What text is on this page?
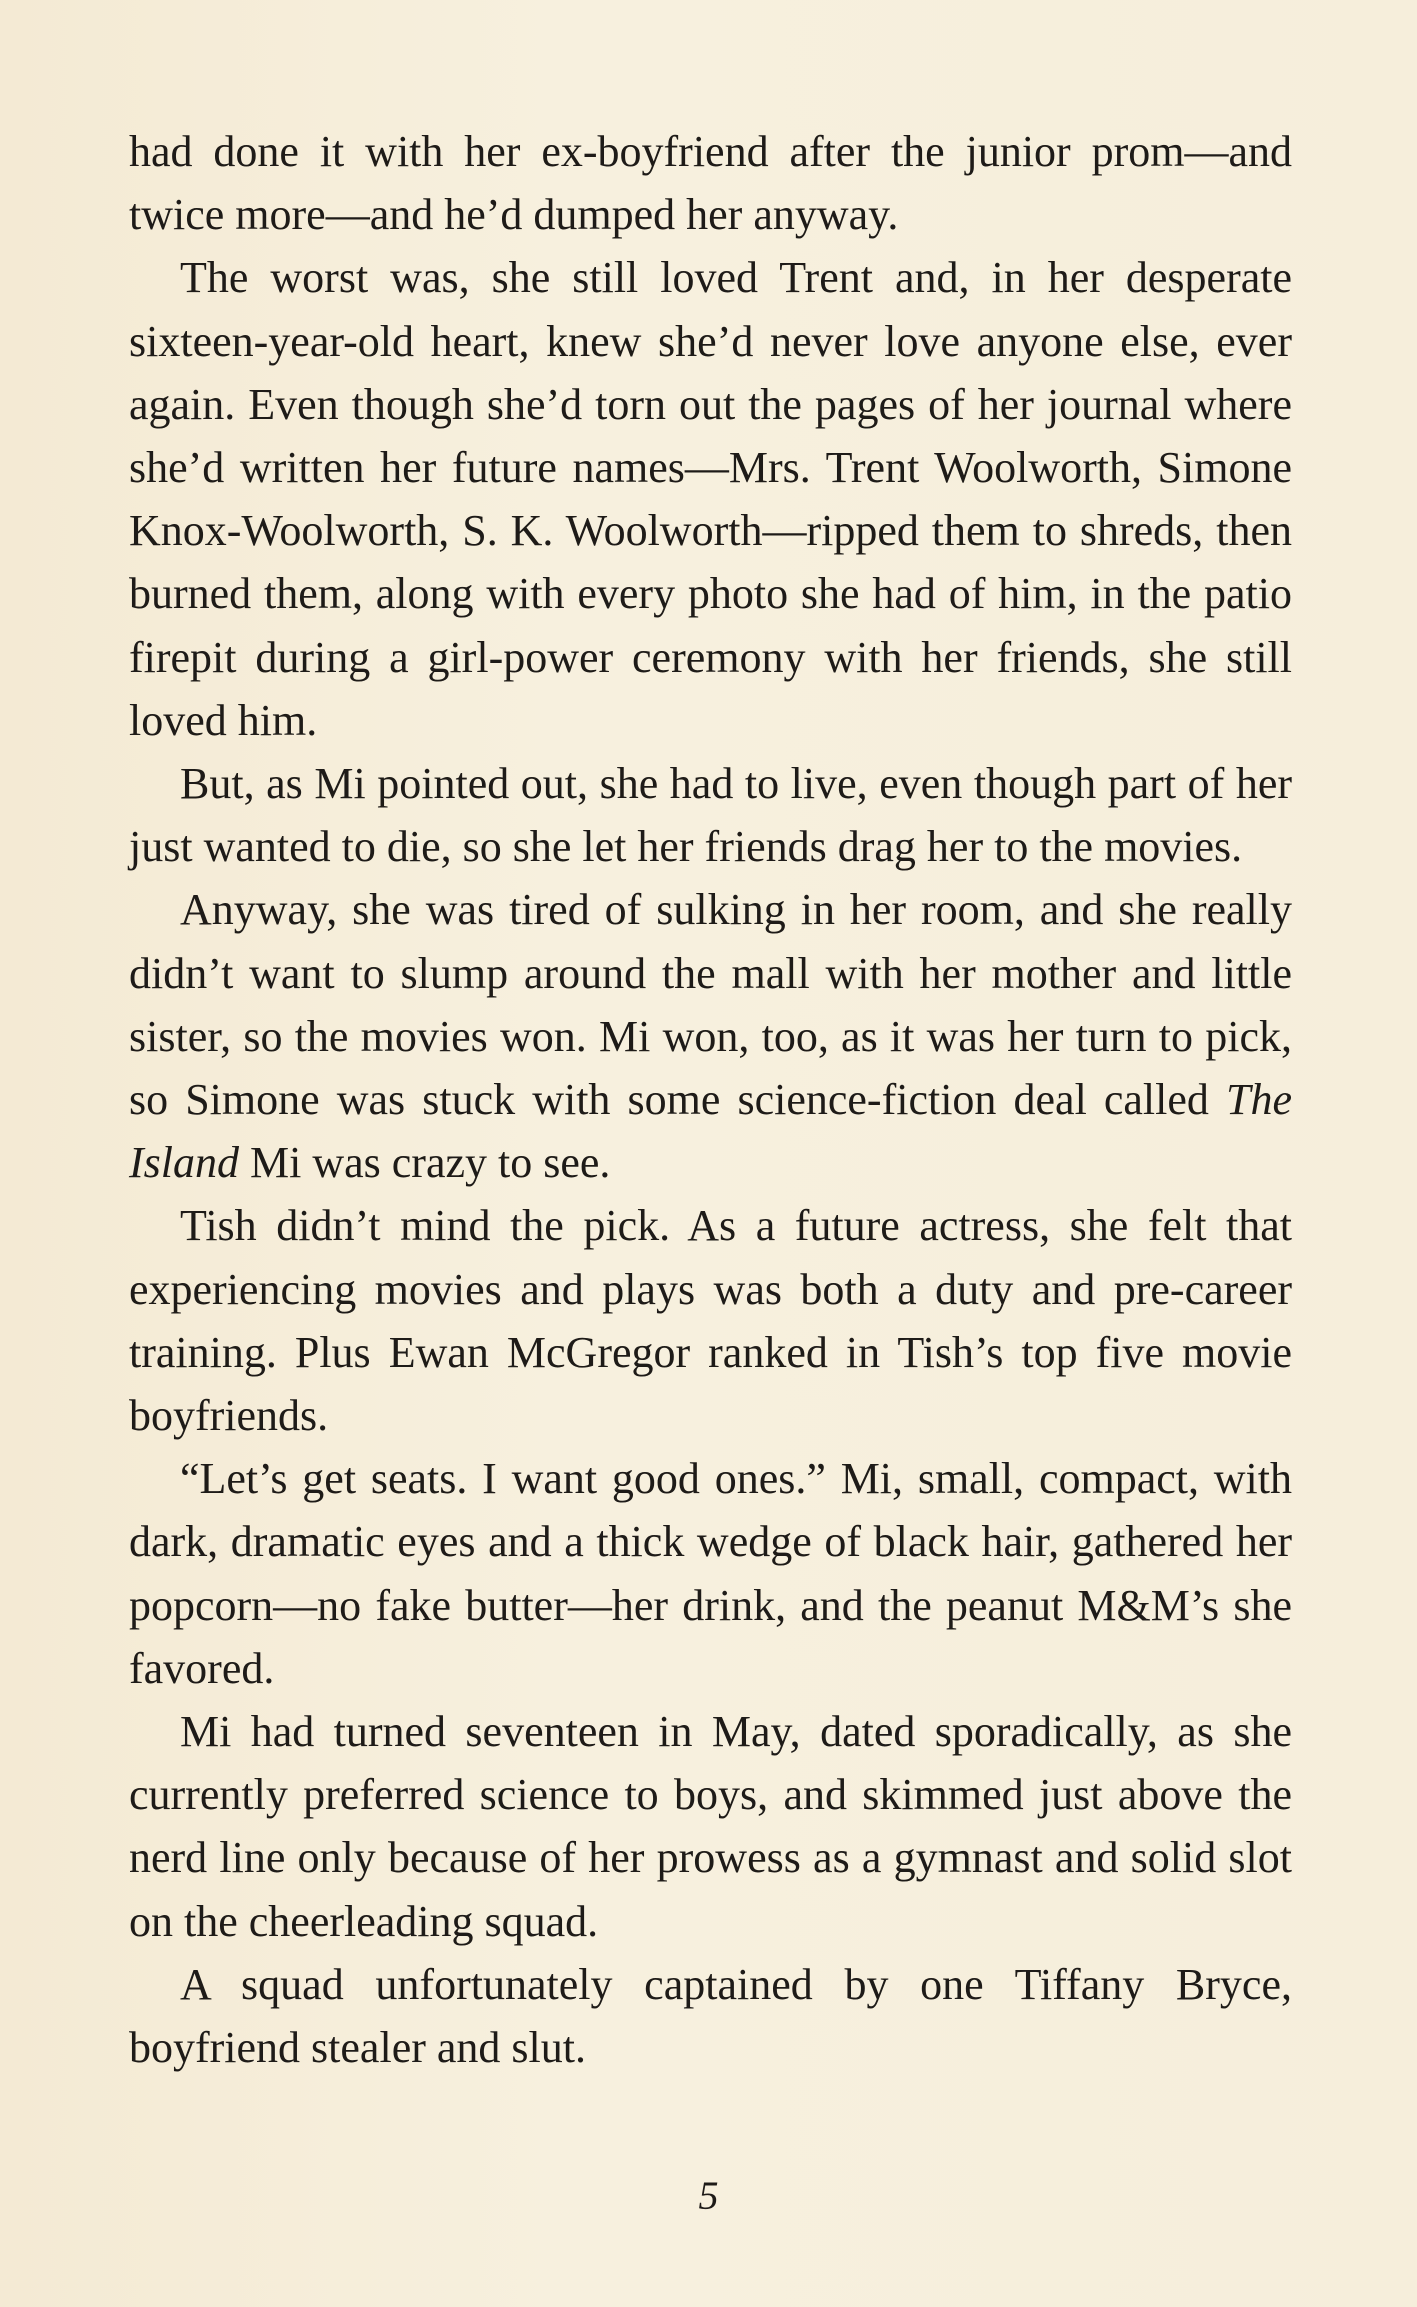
had done it with her ex-boyfriend after the junior prom—and twice more—and he’d dumped her anyway.

The worst was, she still loved Trent and, in her desperate sixteen-year-old heart, knew she’d never love anyone else, ever again. Even though she’d torn out the pages of her journal where she’d written her future names—Mrs. Trent Woolworth, Simone Knox-Woolworth, S. K. Woolworth—ripped them to shreds, then burned them, along with every photo she had of him, in the patio firepit during a girl-power ceremony with her friends, she still loved him.

But, as Mi pointed out, she had to live, even though part of her just wanted to die, so she let her friends drag her to the movies.

Anyway, she was tired of sulking in her room, and she really didn’t want to slump around the mall with her mother and little sister, so the movies won. Mi won, too, as it was her turn to pick, so Simone was stuck with some science-fiction deal called The Island Mi was crazy to see.

Tish didn’t mind the pick. As a future actress, she felt that experiencing movies and plays was both a duty and pre-career training. Plus Ewan McGregor ranked in Tish’s top five movie boyfriends.

“Let’s get seats. I want good ones.” Mi, small, compact, with dark, dramatic eyes and a thick wedge of black hair, gathered her popcorn—no fake butter—her drink, and the peanut M&M’s she favored.

Mi had turned seventeen in May, dated sporadically, as she currently preferred science to boys, and skimmed just above the nerd line only because of her prowess as a gymnast and solid slot on the cheerleading squad.

A squad unfortunately captained by one Tiffany Bryce, boyfriend stealer and slut.

5
